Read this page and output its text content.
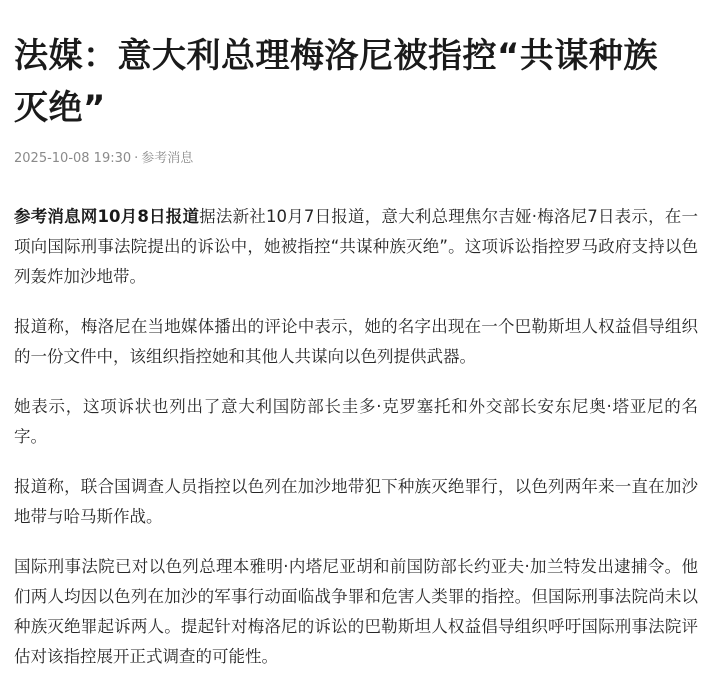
法媒：意大利总理梅洛尼被指控“共谋种族灭绝”
2025-10-08 19:30 · 参考消息

参考消息网10月8日报道据法新社10月7日报道，意大利总理焦尔吉娅·梅洛尼7日表示，在一项向国际刑事法院提出的诉讼中，她被指控“共谋种族灭绝”。这项诉讼指控罗马政府支持以色列轰炸加沙地带。

报道称，梅洛尼在当地媒体播出的评论中表示，她的名字出现在一个巴勒斯坦人权益倡导组织的一份文件中，该组织指控她和其他人共谋向以色列提供武器。

她表示，这项诉状也列出了意大利国防部长圭多·克罗塞托和外交部长安东尼奥·塔亚尼的名字。

报道称，联合国调查人员指控以色列在加沙地带犯下种族灭绝罪行，以色列两年来一直在加沙地带与哈马斯作战。

国际刑事法院已对以色列总理本雅明·内塔尼亚胡和前国防部长约亚夫·加兰特发出逮捕令。他们两人均因以色列在加沙的军事行动面临战争罪和危害人类罪的指控。但国际刑事法院尚未以种族灭绝罪起诉两人。提起针对梅洛尼的诉讼的巴勒斯坦人权益倡导组织呼吁国际刑事法院评估对该指控展开正式调查的可能性。
